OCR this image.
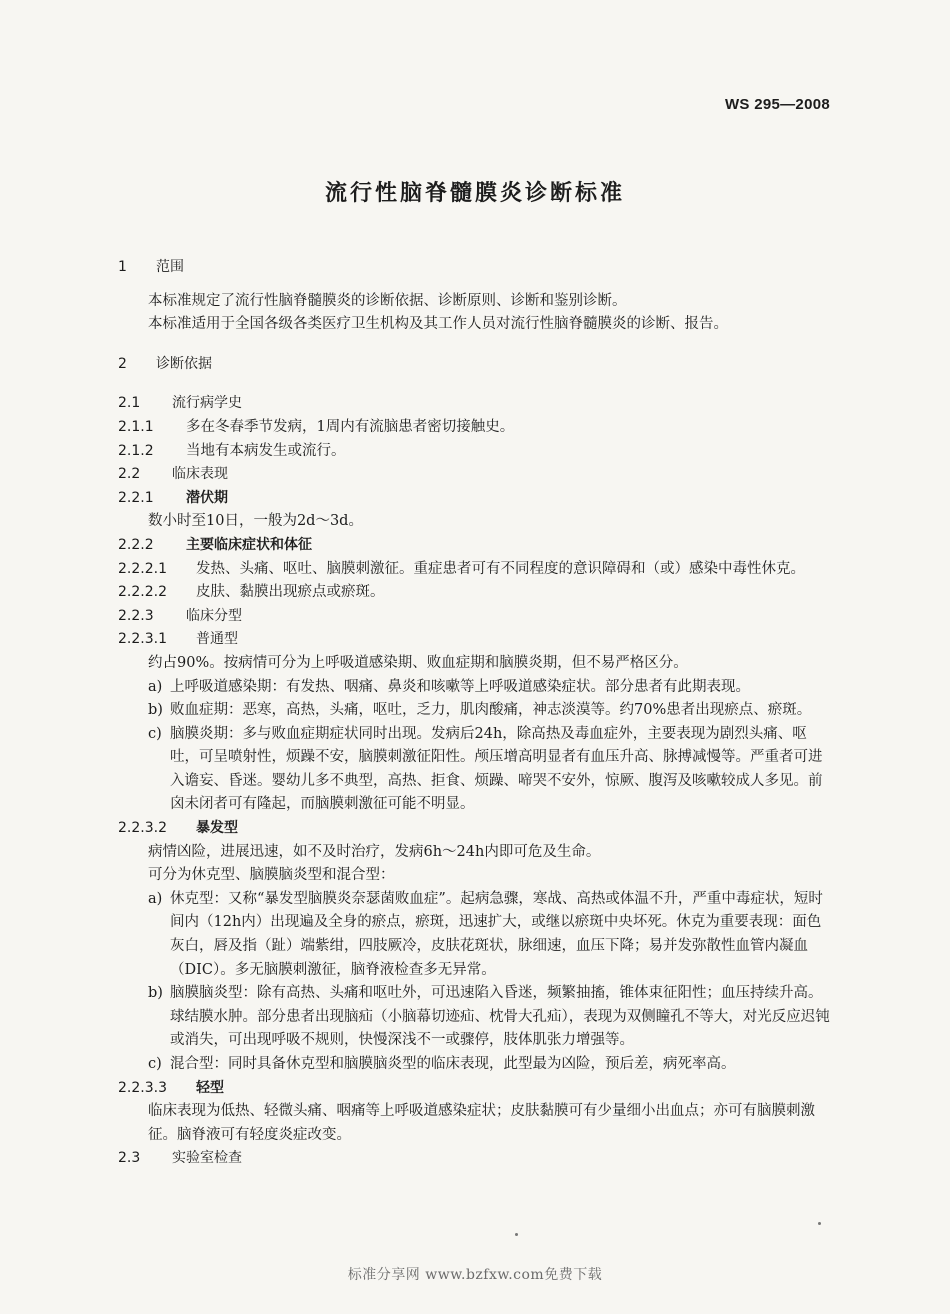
WS 295—2008
流行性脑脊髓膜炎诊断标准
1 范围
本标准规定了流行性脑脊髓膜炎的诊断依据、诊断原则、诊断和鉴别诊断。
本标准适用于全国各级各类医疗卫生机构及其工作人员对流行性脑脊髓膜炎的诊断、报告。
2 诊断依据
2.1 流行病学史
2.1.1 多在冬春季节发病，1周内有流脑患者密切接触史。
2.1.2 当地有本病发生或流行。
2.2 临床表现
2.2.1 潜伏期
数小时至10日，一般为2d～3d。
2.2.2 主要临床症状和体征
2.2.2.1 发热、头痛、呕吐、脑膜刺激征。重症患者可有不同程度的意识障碍和（或）感染中毒性休克。
2.2.2.2 皮肤、黏膜出现瘀点或瘀斑。
2.2.3 临床分型
2.2.3.1 普通型
约占90%。按病情可分为上呼吸道感染期、败血症期和脑膜炎期，但不易严格区分。
a) 上呼吸道感染期：有发热、咽痛、鼻炎和咳嗽等上呼吸道感染症状。部分患者有此期表现。
b) 败血症期：恶寒，高热，头痛，呕吐，乏力，肌肉酸痛，神志淡漠等。约70%患者出现瘀点、瘀斑。
c) 脑膜炎期：多与败血症期症状同时出现。发病后24h，除高热及毒血症外，主要表现为剧烈头痛、呕吐，可呈喷射性，烦躁不安，脑膜刺激征阳性。颅压增高明显者有血压升高、脉搏减慢等。严重者可进入谵妄、昏迷。婴幼儿多不典型，高热、拒食、烦躁、啼哭不安外，惊厥、腹泻及咳嗽较成人多见。前囟未闭者可有隆起，而脑膜刺激征可能不明显。
2.2.3.2 暴发型
病情凶险，进展迅速，如不及时治疗，发病6h～24h内即可危及生命。
可分为休克型、脑膜脑炎型和混合型：
a) 休克型：又称“暴发型脑膜炎奈瑟菌败血症”。起病急骤，寒战、高热或体温不升，严重中毒症状，短时间内（12h内）出现遍及全身的瘀点，瘀斑，迅速扩大，或继以瘀斑中央坏死。休克为重要表现：面色灰白，唇及指（趾）端紫绀，四肢厥冷，皮肤花斑状，脉细速，血压下降；易并发弥散性血管内凝血（DIC）。多无脑膜刺激征，脑脊液检查多无异常。
b) 脑膜脑炎型：除有高热、头痛和呕吐外，可迅速陷入昏迷，频繁抽搐，锥体束征阳性；血压持续升高。球结膜水肿。部分患者出现脑疝（小脑幕切迹疝、枕骨大孔疝），表现为双侧瞳孔不等大，对光反应迟钝或消失，可出现呼吸不规则，快慢深浅不一或骤停，肢体肌张力增强等。
c) 混合型：同时具备休克型和脑膜脑炎型的临床表现，此型最为凶险，预后差，病死率高。
2.2.3.3 轻型
临床表现为低热、轻微头痛、咽痛等上呼吸道感染症状；皮肤黏膜可有少量细小出血点；亦可有脑膜刺激征。脑脊液可有轻度炎症改变。
2.3 实验室检查
标准分享网 www.bzfxw.com免费下载
